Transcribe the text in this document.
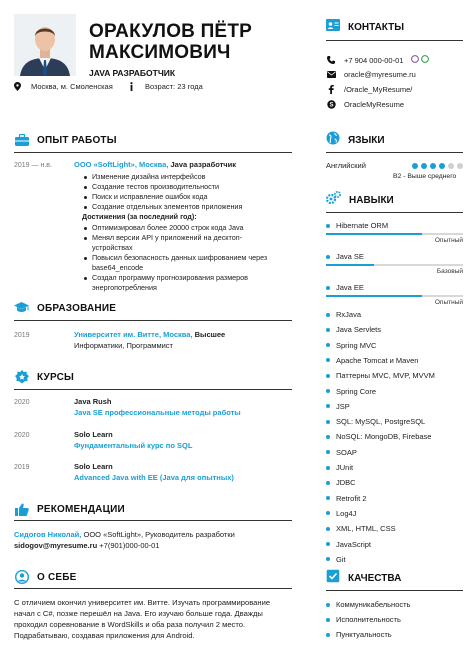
ОРАКУЛОВ ПЁТР
МАКСИМОВИЧ
JAVA РАЗРАБОТЧИК
Москва, м. Смоленская	Возраст: 23 года
ОПЫТ РАБОТЫ
2019 — н.в.	ООО «SoftLight», Москва, Java разработчик
Изменение дизайна интерфейсов
Создание тестов производительности
Поиск и исправление ошибок кода
Создание отдельных элементов приложения
Достижения (за последний год):
Оптимизировал более 20000 строк кода Java
Менял версии API у приложений на десктоп-устройствах
Повысил безопасность данных шифрованием через base64_encode
Создал программу прогнозирования размеров энергопотребления
ОБРАЗОВАНИЕ
2019	Университет им. Витте, Москва, Высшее
Информатики, Программист
КУРСЫ
2020	Java Rush
Java SE профессиональные методы работы
2020	Solo Learn
Фундаментальный курс по SQL
2019	Solo Learn
Advanced Java with EE (Java для опытных)
РЕКОМЕНДАЦИИ
Сидогов Николай, ООО «SoftLight», Руководитель разработки
sidogov@myresume.ru +7(901)000-00-01
О СЕБЕ
С отличием окончил университет им. Витте. Изучать программирование начал с C#, позже перешёл на Java. Его изучаю больше года. Дважды проходил соревнование в WordSkills и оба раза получил 2 место. Подрабатываю, создавая приложения для Android.
КОНТАКТЫ
+7 904 000-00-01
oracle@myresume.ru
/Oracle_MyResume/
S OracleMyResume
ЯЗЫКИ
Английский
B2 - Выше среднего
НАВЫКИ
Hibernate ORM
Опытный
Java SE
Базовый
Java EE
Опытный
RxJava
Java Servlets
Spring MVC
Apache Tomcat и Maven
Паттерны MVC, MVP, MVVM
Spring Core
JSP
SQL: MySQL, PostgreSQL
NoSQL: MongoDB, Firebase
SOAP
JUnit
JDBC
Retrofit 2
Log4J
XML, HTML, CSS
JavaScript
Git
КАЧЕСТВА
Коммуникабельность
Исполнительность
Пунктуальность
